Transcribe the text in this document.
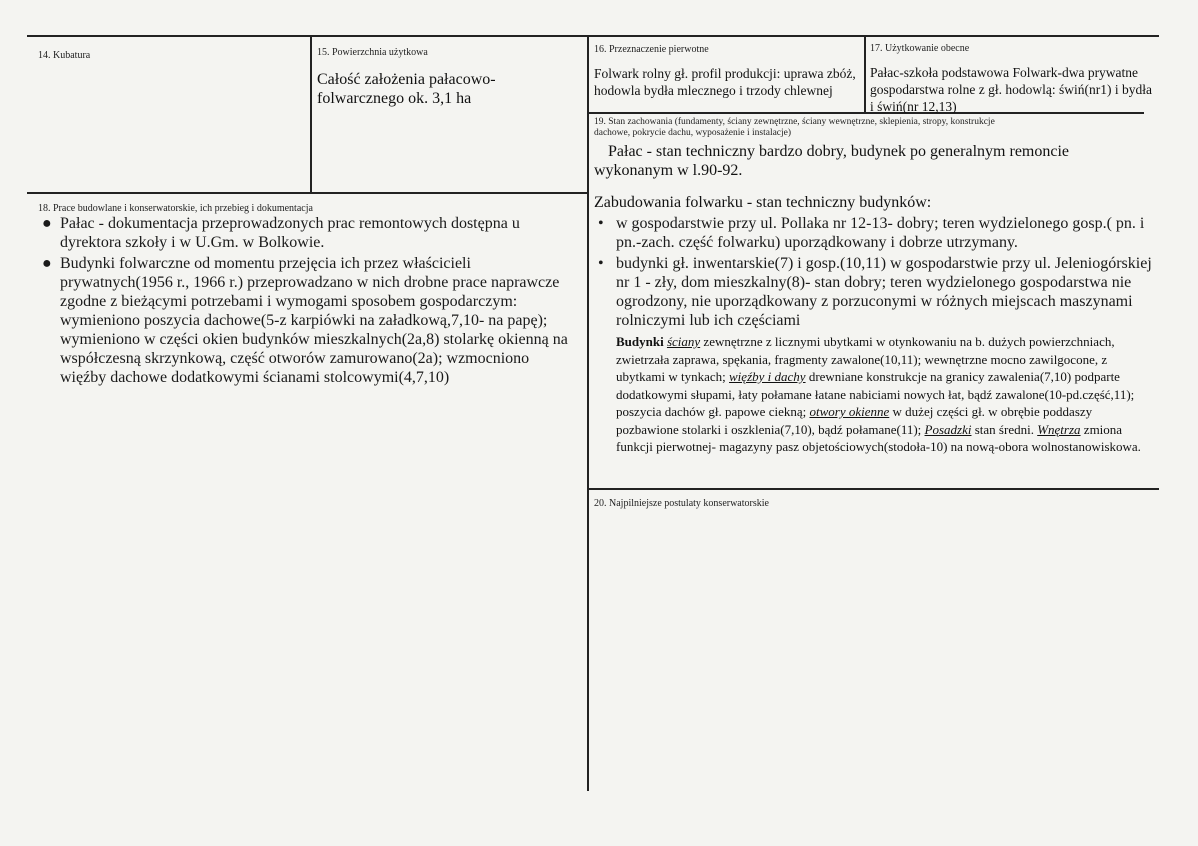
14. Kubatura	15. Powierzchnia użytkowa
Całość założenia pałacowo-folwarcznego ok. 3,1 ha
16. Przeznaczenie pierwotne
Folwark rolny gł. profil produkcji: uprawa zbóż, hodowla bydła mlecznego i trzody chlewnej
17. Użytkowanie obecne
Pałac-szkoła podstawowa Folwark-dwa prywatne gospodarstwa rolne z gł. hodowlą: świń(nr1) i bydła i świń(nr 12,13)
18. Prace budowlane i konserwatorskie, ich przebieg i dokumentacja
● Pałac - dokumentacja przeprowadzonych prac remontowych dostępna u dyrektora szkoły i w U.Gm. w Bolkowie.
● Budynki folwarczne od momentu przejęcia ich przez właścicieli prywatnych(1956 r., 1966 r.) przeprowadzano w nich drobne prace naprawcze zgodne z bieżącymi potrzebami i wymogami sposobem gospodarczym: wymieniono poszycia dachowe(5-z karpiówki na załadkową,7,10- na papę); wymieniono w części okien budynków mieszkalnych(2a,8) stolarkę okienną na współczesną skrzynkową, część otworów zamurowano(2a); wzmocniono więźby dachowe dodatkowymi ścianami stolcowymi(4,7,10)
19. Stan zachowania (fundamenty, ściany zewnętrzne, ściany wewnętrzne, sklepienia, stropy, konstrukcje dachowe, pokrycie dachu, wyposażenie i instalacje)
Pałac - stan techniczny bardzo dobry, budynek po generalnym remoncie wykonanym w l.90-92.
Zabudowania folwarku - stan techniczny budynków:
• w gospodarstwie przy ul. Pollaka nr 12-13- dobry; teren wydzielonego gosp.( pn. i pn.-zach. część folwarku) uporządkowany i dobrze utrzymany.
• budynki gł. inwentarskie(7) i gosp.(10,11) w gospodarstwie przy ul. Jeleniogórskiej nr 1 - zły, dom mieszkalny(8)- stan dobry; teren wydzielonego gospodarstwa nie ogrodzony, nie uporządkowany z porzuconymi w różnych miejscach maszynami rolniczymi lub ich częściami
Budynki ściany zewnętrzne z licznymi ubytkami w otynkowaniu na b. dużych powierzchniach, zwietrzała zaprawa, spękania, fragmenty zawalone(10,11); wewnętrzne mocno zawilgocone, z ubytkami w tynkach; więźby i dachy drewniane konstrukcje na granicy zawalenia(7,10) podparte dodatkowymi słupami, łaty połamane łatane nabiciami nowych łat, bądź zawalone(10-pd.część,11); poszycia dachów gł. papowe ciekną; otwory okienne w dużej części gł. w obrębie poddaszy pozbawione stolarki i oszklenia(7,10), bądź połamane(11); Posadzki stan średni. Wnętrza zmiona funkcji pierwotnej- magazyny pasz objetościowych(stodoła-10) na nową-obora wolnostanowiskowa.
20. Najpilniejsze postulaty konserwatorskie
